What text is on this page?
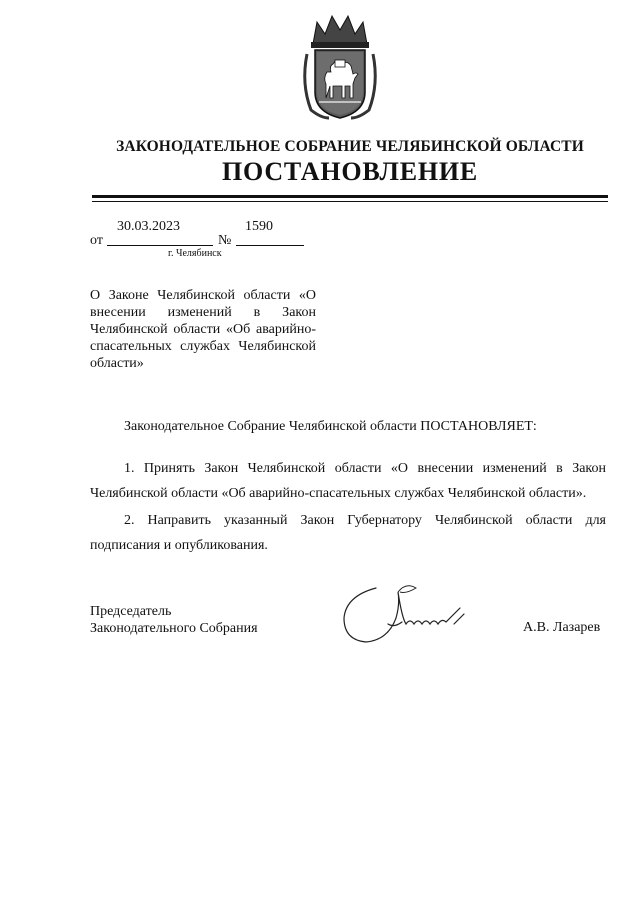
ЗАКОНОДАТЕЛЬНОЕ СОБРАНИЕ ЧЕЛЯБИНСКОЙ ОБЛАСТИ
ПОСТАНОВЛЕНИЕ
от
30.03.2023
№
1590
г. Челябинск
О Законе Челябинской области «О внесении изменений в Закон Челябинской области «Об аварийно-спасательных службах Челябинской области»
Законодательное Собрание Челябинской области ПОСТАНОВЛЯЕТ:
1. Принять Закон Челябинской области «О внесении изменений в Закон Челябинской области «Об аварийно-спасательных службах Челябинской области».
2. Направить указанный Закон Губернатору Челябинской области для подписания и опубликования.
Председатель
Законодательного Собрания	А.В. Лазарев
